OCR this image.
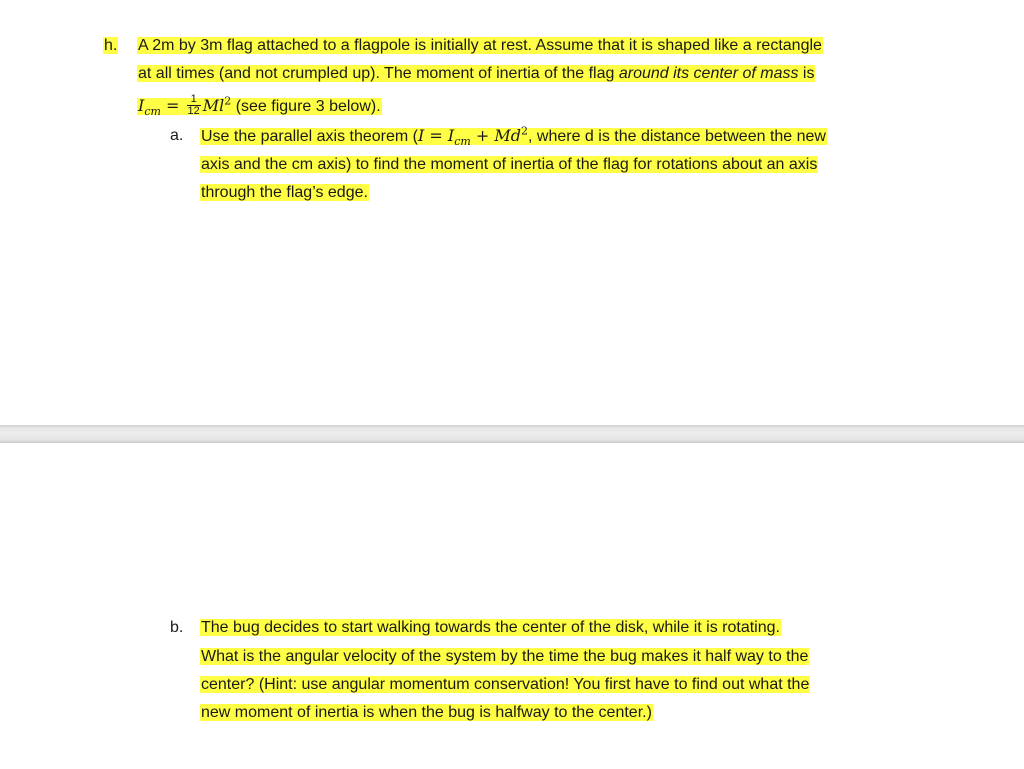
h. A 2m by 3m flag attached to a flagpole is initially at rest. Assume that it is shaped like a rectangle
at all times (and not crumpled up). The moment of inertia of the flag around its center of mass is
$I_{cm} = \frac{1}{12} Ml^2$ (see figure 3 below).
a. Use the parallel axis theorem ($I = I_{cm} + Md^2$, where d is the distance between the new
axis and the cm axis) to find the moment of inertia of the flag for rotations about an axis
through the flag’s edge.
b. The bug decides to start walking towards the center of the disk, while it is rotating.
What is the angular velocity of the system by the time the bug makes it half way to the
center? (Hint: use angular momentum conservation! You first have to find out what the
new moment of inertia is when the bug is halfway to the center.)
